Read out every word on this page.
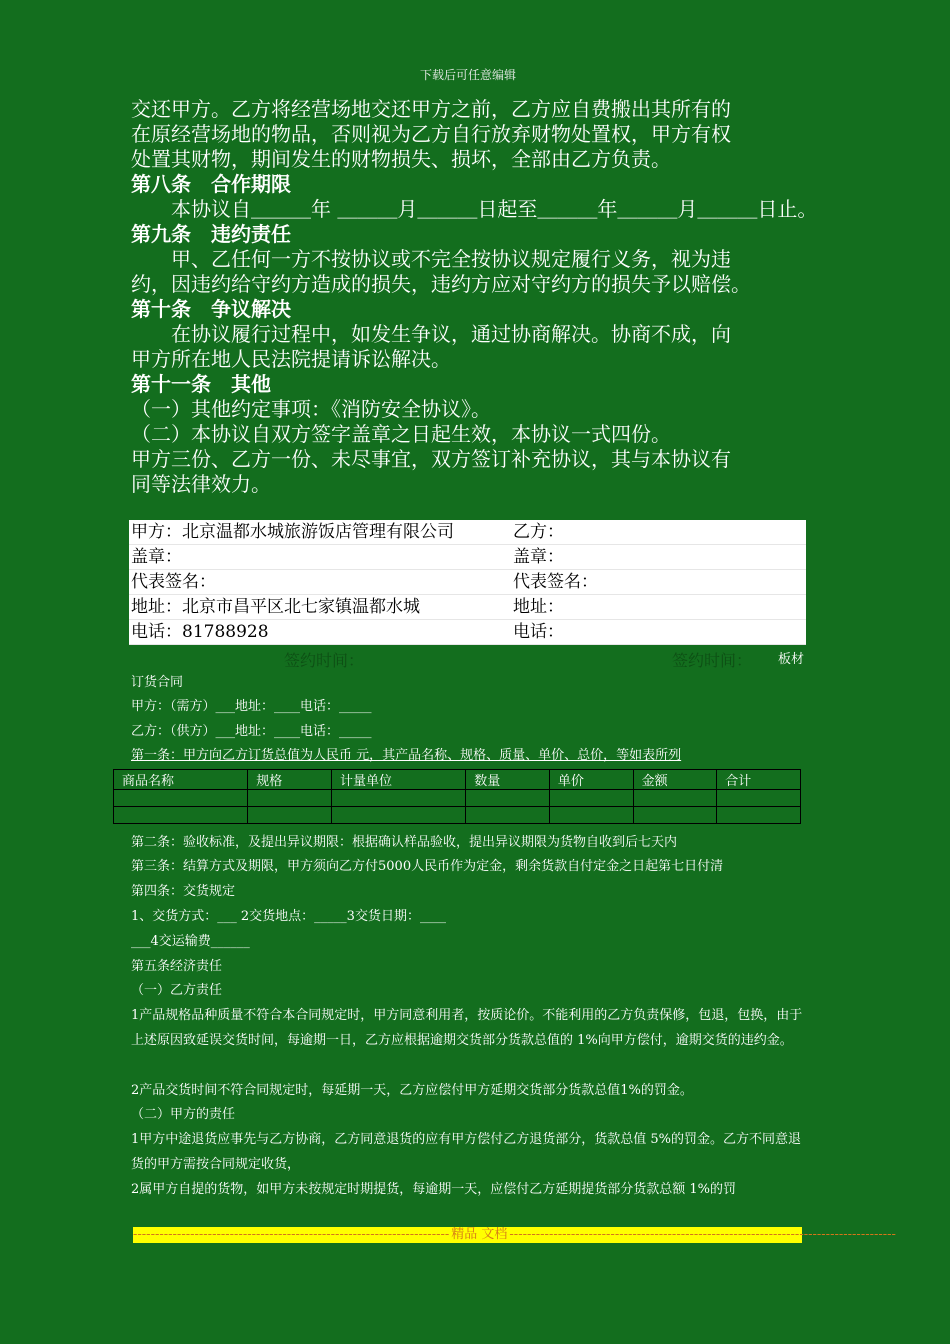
下载后可任意编辑
交还甲方。乙方将经营场地交还甲方之前，乙方应自费搬出其所有的
在原经营场地的物品，否则视为乙方自行放弃财物处置权，甲方有权
处置其财物，期间发生的财物损失、损坏，全部由乙方负责。
第八条　合作期限
　　本协议自＿＿＿年 ＿＿＿月＿＿＿日起至＿＿＿年＿＿＿月＿＿＿日止。
第九条　违约责任
　　甲、乙任何一方不按协议或不完全按协议规定履行义务，视为违
约，因违约给守约方造成的损失，违约方应对守约方的损失予以赔偿。
第十条　争议解决
　　在协议履行过程中，如发生争议，通过协商解决。协商不成，向
甲方所在地人民法院提请诉讼解决。
第十一条　其他
（一）其他约定事项：《消防安全协议》。
（二）本协议自双方签字盖章之日起生效，本协议一式四份。
甲方三份、乙方一份、未尽事宜，双方签订补充协议，其与本协议有
同等法律效力。
甲方：北京温都水城旅游饭店管理有限公司	乙方：
盖章：	盖章：
代表签名：	代表签名：
地址：北京市昌平区北七家镇温都水城	地址：
电话：81788928	电话：
签约时间：	签约时间： 板材
订货合同
甲方：（需方）___地址：____电话：_____
乙方：（供方）___地址：____电话：_____
第一条：甲方向乙方订货总值为人民币 元，其产品名称、规格、质量、单价、总价，等如表所列
商品名称	规格	计量单位	数量	单价	金额	合计

第二条：验收标准，及提出异议期限：根据确认样品验收，提出异议期限为货物自收到后七天内
第三条：结算方式及期限，甲方须向乙方付5000人民币作为定金，剩余货款自付定金之日起第七日付清
第四条：交货规定
1、交货方式：___ 2交货地点：_____3交货日期：____
___4交运输费______
第五条经济责任
（一）乙方责任
1产品规格品种质量不符合本合同规定时，甲方同意利用者，按质论价。不能利用的乙方负责保修，包退，包换，由于上述原因致延误交货时间，每逾期一日，乙方应根据逾期交货部分货款总值的 1%向甲方偿付，逾期交货的违约金。
2产品交货时间不符合同规定时，每延期一天，乙方应偿付甲方延期交货部分货款总值1%的罚金。
（二）甲方的责任
1甲方中途退货应事先与乙方协商，乙方同意退货的应有甲方偿付乙方退货部分，货款总值 5%的罚金。乙方不同意退货的甲方需按合同规定收货，
2属甲方自提的货物，如甲方未按规定时期提货，每逾期一天，应偿付乙方延期提货部分货款总额 1%的罚
------------------------------------------------------------------------ 精品 文档 ----------------------------------------------------------------------------------------
